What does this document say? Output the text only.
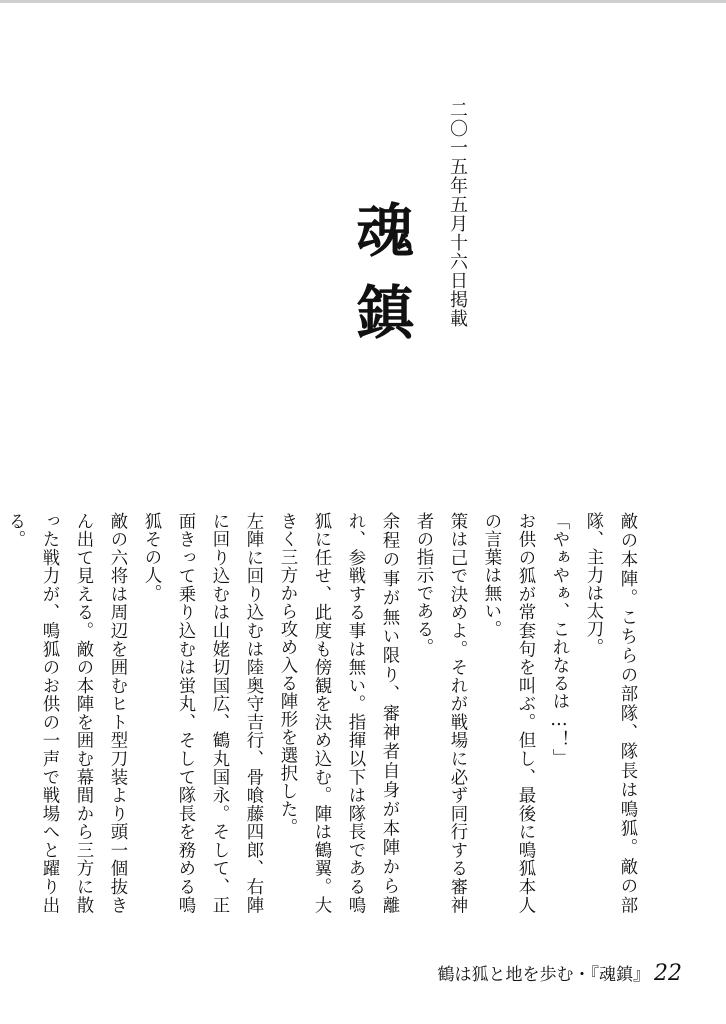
二〇一五年五月十六日掲載
魂鎮

敵の本陣。こちらの部隊、隊長は鳴狐。敵の部隊、主力は太刀。

「やぁやぁ、これなるは…！」

お供の狐が常套句を叫ぶ。但し、最後に鳴狐本人の言葉は無い。

策は己で決めよ。それが戦場に必ず同行する審神者の指示である。

余程の事が無い限り、審神者自身が本陣から離れ、参戦する事は無い。指揮以下は隊長である鳴狐に任せ、此度も傍観を決め込む。陣は鶴翼。大きく三方から攻め入る陣形を選択した。

左陣に回り込むは陸奥守吉行、骨喰藤四郎、右陣に回り込むは山姥切国広、鶴丸国永。そして、正面きって乗り込むは蛍丸、そして隊長を務める鳴狐その人。

敵の六将は周辺を囲むヒト型刀装より頭一個抜きん出て見える。敵の本陣を囲む幕間から三方に散った戦力が、鳴狐のお供の一声で戦場へと躍り出る。

鶴は狐と地を歩む・『魂鎮』 22
